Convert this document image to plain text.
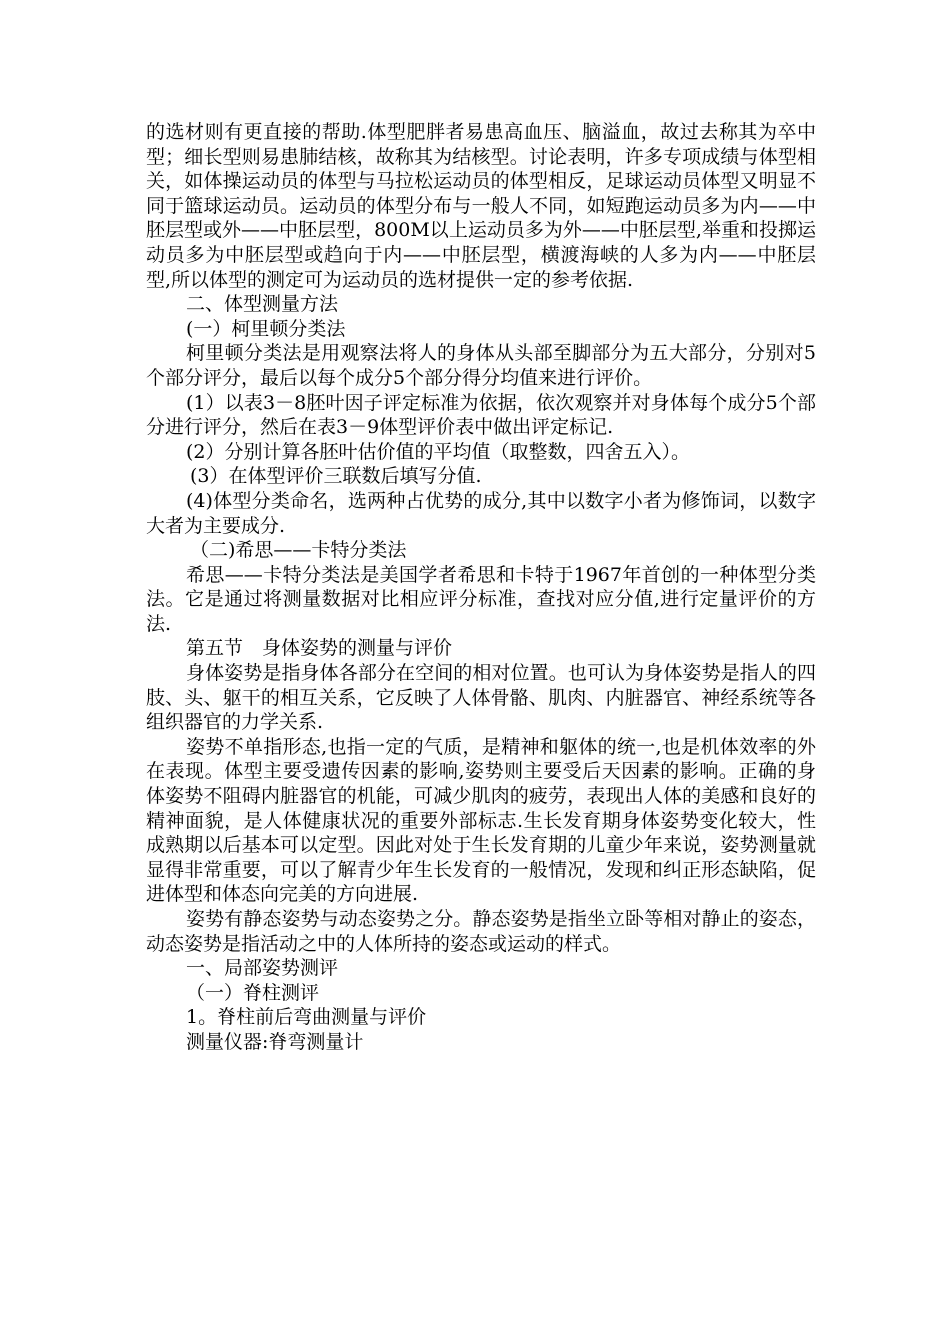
的选材则有更直接的帮助.体型肥胖者易患高血压、脑溢血，故过去称其为卒中型；细长型则易患肺结核，故称其为结核型。讨论表明，许多专项成绩与体型相关，如体操运动员的体型与马拉松运动员的体型相反，足球运动员体型又明显不同于篮球运动员。运动员的体型分布与一般人不同，如短跑运动员多为内——中胚层型或外——中胚层型，800M以上运动员多为外——中胚层型,举重和投掷运动员多为中胚层型或趋向于内——中胚层型，横渡海峡的人多为内——中胚层型,所以体型的测定可为运动员的选材提供一定的参考依据.

二、体型测量方法

(一）柯里顿分类法

柯里顿分类法是用观察法将人的身体从头部至脚部分为五大部分，分别对5个部分评分，最后以每个成分5个部分得分均值来进行评价。

(1）以表3－8胚叶因子评定标准为依据，依次观察并对身体每个成分5个部分进行评分，然后在表3－9体型评价表中做出评定标记.

(2）分别计算各胚叶估价值的平均值（取整数，四舍五入）。

(3）在体型评价三联数后填写分值.

(4)体型分类命名，选两种占优势的成分,其中以数字小者为修饰词，以数字大者为主要成分.

（二)希思——卡特分类法

希思——卡特分类法是美国学者希思和卡特于1967年首创的一种体型分类法。它是通过将测量数据对比相应评分标准，查找对应分值,进行定量评价的方法.

第五节　身体姿势的测量与评价

身体姿势是指身体各部分在空间的相对位置。也可认为身体姿势是指人的四肢、头、躯干的相互关系，它反映了人体骨骼、肌肉、内脏器官、神经系统等各组织器官的力学关系.

姿势不单指形态,也指一定的气质，是精神和躯体的统一,也是机体效率的外在表现。体型主要受遗传因素的影响,姿势则主要受后天因素的影响。正确的身体姿势不阻碍内脏器官的机能，可减少肌肉的疲劳，表现出人体的美感和良好的精神面貌，是人体健康状况的重要外部标志.生长发育期身体姿势变化较大，性成熟期以后基本可以定型。因此对处于生长发育期的儿童少年来说，姿势测量就显得非常重要，可以了解青少年生长发育的一般情况，发现和纠正形态缺陷，促进体型和体态向完美的方向进展.

姿势有静态姿势与动态姿势之分。静态姿势是指坐立卧等相对静止的姿态，动态姿势是指活动之中的人体所持的姿态或运动的样式。

一、局部姿势测评

（一）脊柱测评

1。脊柱前后弯曲测量与评价

测量仪器:脊弯测量计
